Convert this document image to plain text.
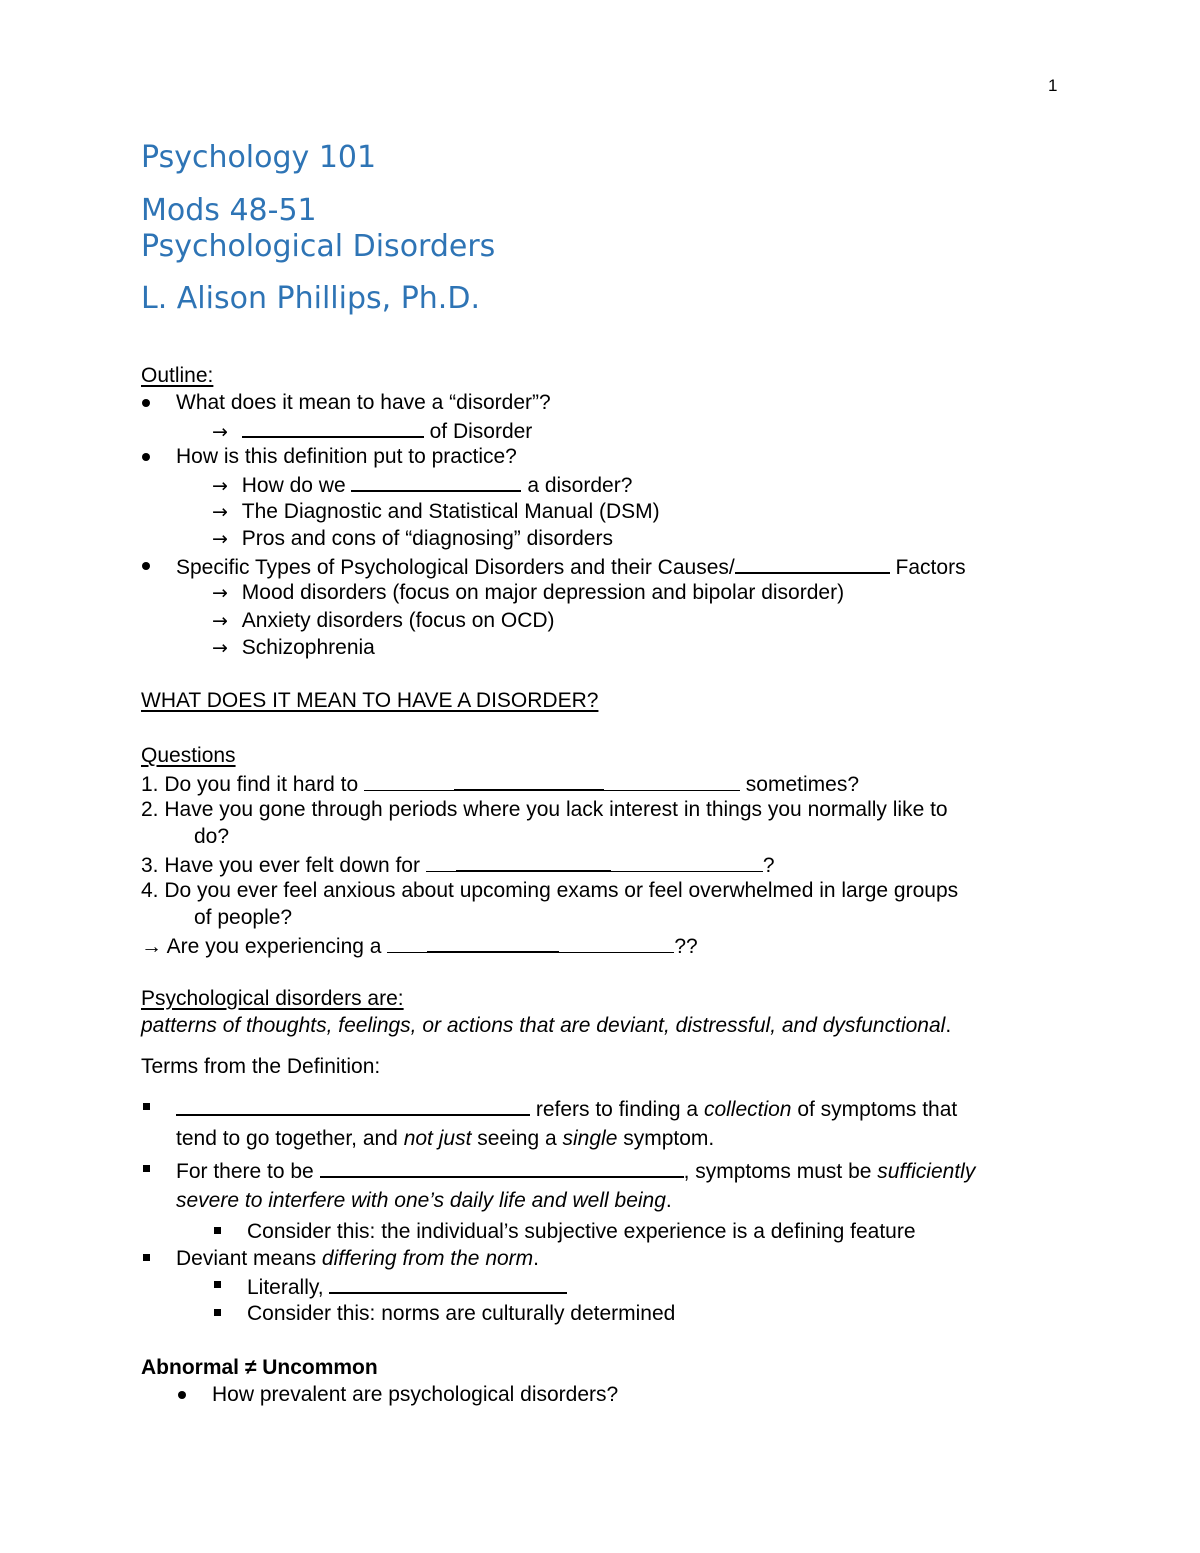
1
Psychology 101
Mods 48-51
Psychological Disorders
L. Alison Phillips, Ph.D.
Outline:
What does it mean to have a “disorder”?
→	of Disorder
How is this definition put to practice?
→ How do we	a disorder?
→ The Diagnostic and Statistical Manual (DSM)
→ Pros and cons of “diagnosing” disorders
Specific Types of Psychological Disorders and their Causes/	Factors
→ Mood disorders (focus on major depression and bipolar disorder)
→ Anxiety disorders (focus on OCD)
→ Schizophrenia
WHAT DOES IT MEAN TO HAVE A DISORDER?
Questions
1. Do you find it hard to	sometimes?
2. Have you gone through periods where you lack interest in things you normally like to
do?
3. Have you ever felt down for	?
4. Do you ever feel anxious about upcoming exams or feel overwhelmed in large groups
of people?
→ Are you experiencing a	??
Psychological disorders are:
patterns of thoughts, feelings, or actions that are deviant, distressful, and dysfunctional.
Terms from the Definition:
refers to finding a collection of symptoms that
tend to go together, and not just seeing a single symptom.
For there to be	, symptoms must be sufficiently
severe to interfere with one’s daily life and well being.
Consider this: the individual’s subjective experience is a defining feature
Deviant means differing from the norm.
Literally,
Consider this: norms are culturally determined
Abnormal ≠ Uncommon
How prevalent are psychological disorders?
